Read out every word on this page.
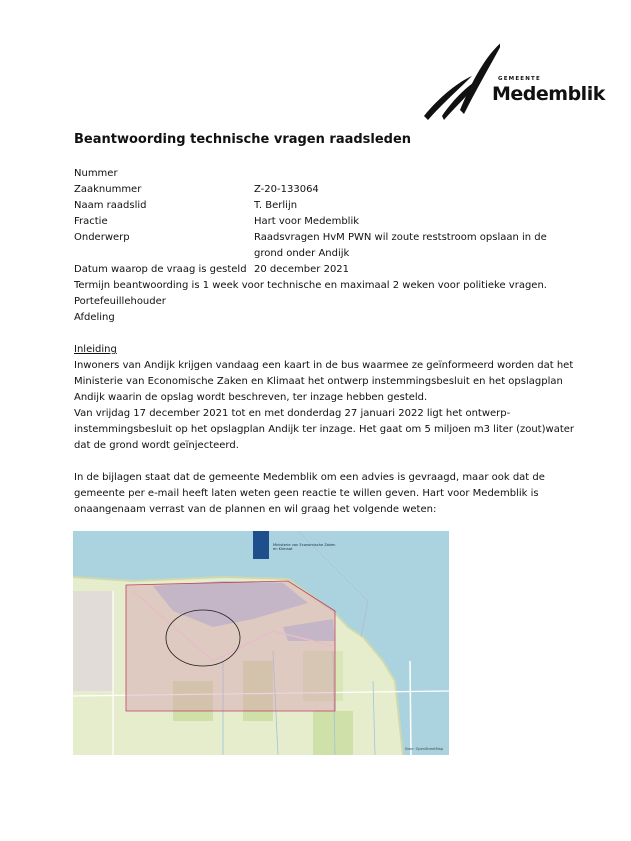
GEMEENTE
Medemblik
Beantwoording technische vragen raadsleden
Nummer
Zaaknummer	Z-20-133064
Naam raadslid	T. Berlijn
Fractie	Hart voor Medemblik
Onderwerp	Raadsvragen HvM PWN wil zoute reststroom opslaan in de
grond onder Andijk
Datum waarop de vraag is gesteld 20 december 2021
Termijn beantwoording is 1 week voor technische en maximaal 2 weken voor politieke vragen.
Portefeuillehouder
Afdeling
Inleiding
Inwoners van Andijk krijgen vandaag een kaart in de bus waarmee ze geïnformeerd worden dat het
Ministerie van Economische Zaken en Klimaat het ontwerp instemmingsbesluit en het opslagplan
Andijk waarin de opslag wordt beschreven, ter inzage hebben gesteld.
Van vrijdag 17 december 2021 tot en met donderdag 27 januari 2022 ligt het ontwerp-
instemmingsbesluit op het opslagplan Andijk ter inzage. Het gaat om 5 miljoen m3 liter (zout)water
dat de grond wordt geïnjecteerd.
In de bijlagen staat dat de gemeente Medemblik om een advies is gevraagd, maar ook dat de
gemeente per e-mail heeft laten weten geen reactie te willen geven. Hart voor Medemblik is
onaangenaam verrast van de plannen en wil graag het volgende weten:
Ministerie van Economische Zaken
en Klimaat
Bron: OpenStreetMap
